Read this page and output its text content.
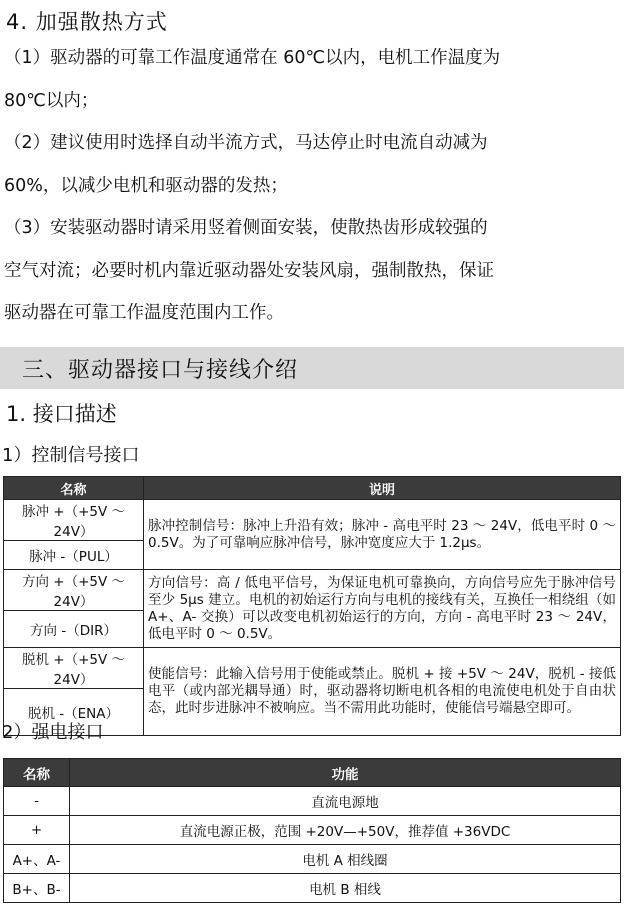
4. 加强散热方式
（1）驱动器的可靠工作温度通常在 60℃以内，电机工作温度为
80℃以内；
（2）建议使用时选择自动半流方式，马达停止时电流自动减为
60%，以减少电机和驱动器的发热；
（3）安装驱动器时请采用竖着侧面安装，使散热齿形成较强的
空气对流；必要时机内靠近驱动器处安装风扇，强制散热，保证
驱动器在可靠工作温度范围内工作。
三、驱动器接口与接线介绍
1. 接口描述
1）控制信号接口
名称	说明
脉冲 +（+5V ～ 24V）	脉冲控制信号：脉冲上升沿有效；脉冲 - 高电平时 23 ～ 24V，低电平时 0 ～ 0.5V。为了可靠响应脉冲信号，脉冲宽度应大于 1.2μs。
脉冲 -（PUL）	
方向 +（+5V ～ 24V）	方向信号：高 / 低电平信号，为保证电机可靠换向，方向信号应先于脉冲信号至少 5μs 建立。电机的初始运行方向与电机的接线有关，互换任一相绕组（如A+、A- 交换）可以改变电机初始运行的方向，方向 - 高电平时 23 ～ 24V，低电平时 0 ～ 0.5V。
方向 -（DIR）	
脱机 +（+5V ～ 24V）	使能信号：此输入信号用于使能或禁止。脱机 + 接 +5V ～ 24V，脱机 - 接低电平（或内部光耦导通）时，驱动器将切断电机各相的电流使电机处于自由状态，此时步进脉冲不被响应。当不需用此功能时，使能信号端悬空即可。
脱机 -（ENA）	
2）强电接口
名称	功能
-	直流电源地
+	直流电源正极，范围 +20V—+50V，推荐值 +36VDC
A+、A-	电机 A 相线圈
B+、B-	电机 B 相线
